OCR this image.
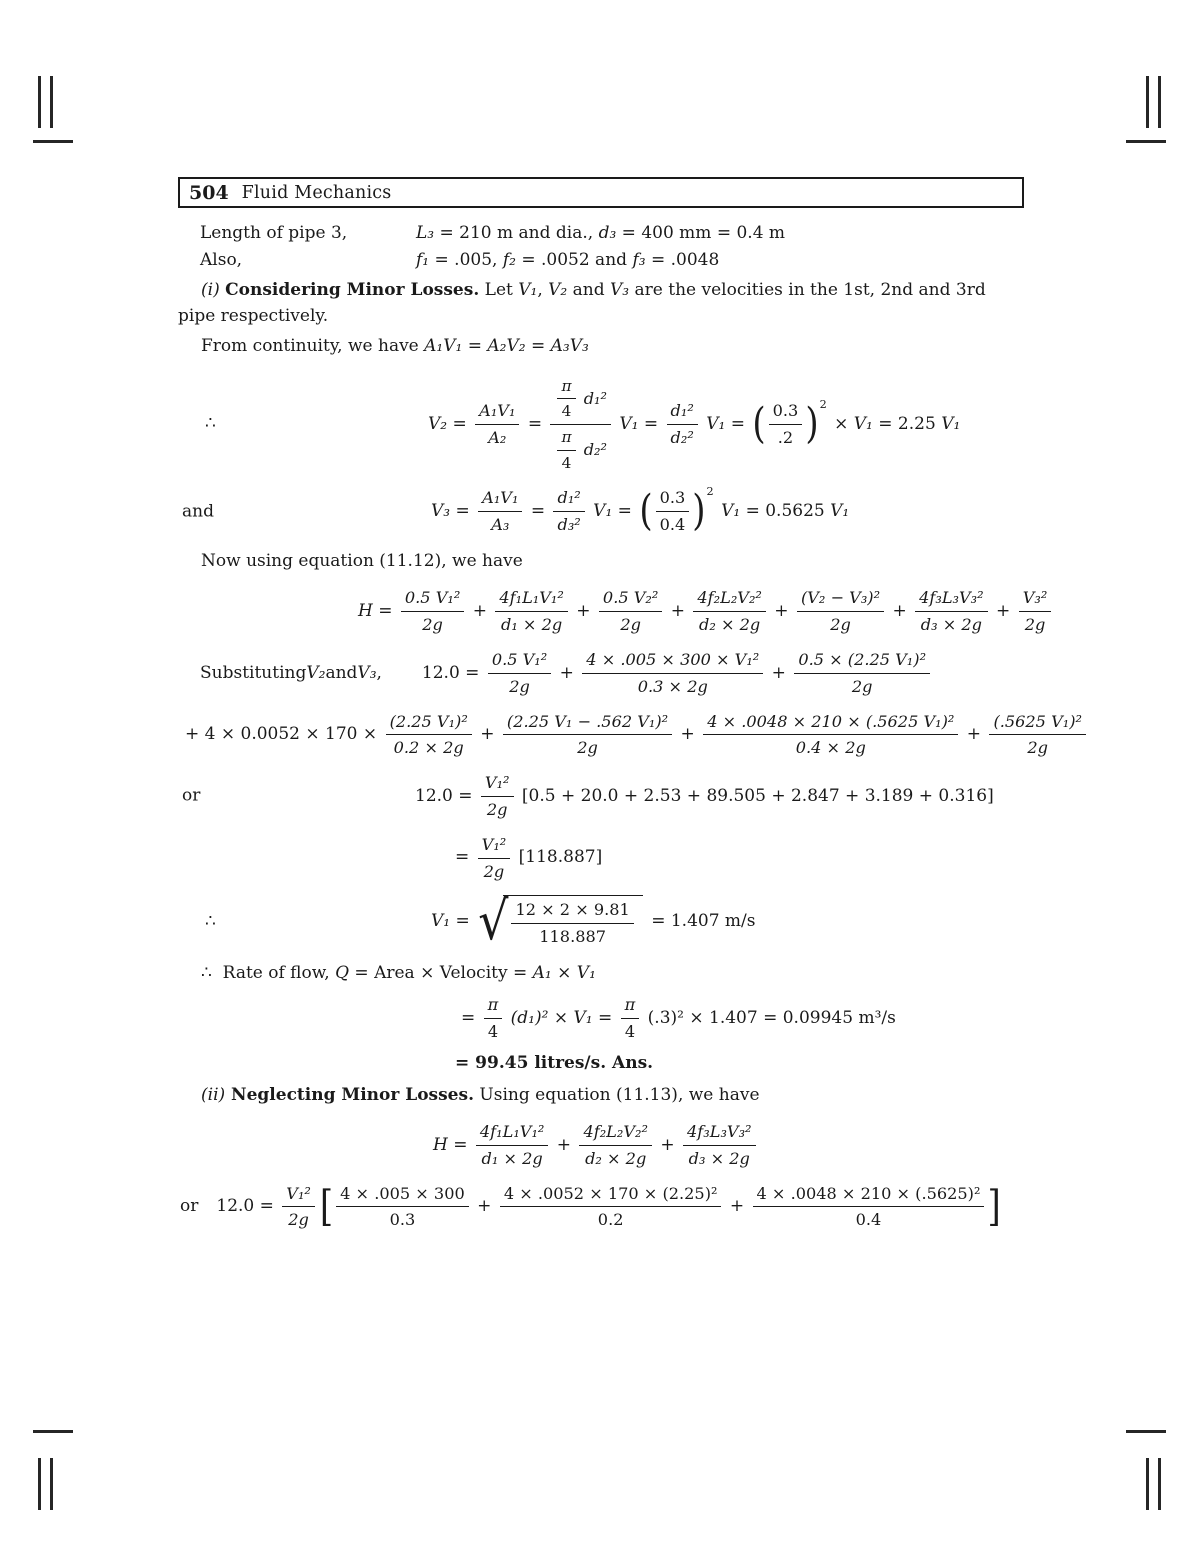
504 Fluid Mechanics
Length of pipe 3,	L₃ = 210 m and dia., d₃ = 400 mm = 0.4 m
Also,	f₁ = .005, f₂ = .0052 and f₃ = .0048
(i) Considering Minor Losses. Let V₁, V₂ and V₃ are the velocities in the 1st, 2nd and 3rd pipe respectively.
From continuity, we have A₁V₁ = A₂V₂ = A₃V₃
∴	$V_2 = \frac{\text{A₁V₁}}{\text{A₂}} = \frac{\frac{\pi}{4} d_1^2}{\frac{\pi}{4} d_2^2} V_1 = \frac{\text{d₁²}}{\text{d₂²}} V_1$ = ( $\frac{0.3}{.2}$ ) 2
× V₁ = 2.25 V₁
and	$V_3 = \frac{\text{A₁V₁}}{\text{A₃}} = \frac{\text{d₁²}}{\text{d₃²}} V_1$ = ( $\frac{0.3}{0.4}$ ) 2
V₁ = 0.5625 V₁
Now using equation (11.12), we have
$H = \frac{\text{0.5 V₁²}}{2g} + \frac{\text{4f₁L₁V₁²}}{\text{d₁ × 2g}} + \frac{\text{0.5 V₂²}}{2g} + \frac{\text{4f₂L₂V₂²}}{\text{d₂ × 2g}} + \frac{\text{(V₂ − V₃)²}}{2g} + \frac{\text{4f₃L₃V₃²}}{\text{d₃ × 2g}} + \frac{\text{V₃²}}{2g}$
Substituting V₂ and V₃ , $12.0 = \frac{\text{0.5 V₁²}}{2g} + \frac{\text{4 × .005 × 300 × V₁²}}{0.3 \times 2g} + \frac{\text{0.5 × (2.25 V₁)²}}{2g}$
+ $4 \times 0.0052 \times 170 \times \frac{\text{(2.25 V₁)²}}{0.2 \times 2g} + \frac{\text{(2.25 V₁ − .562 V₁)²}}{2g} + \frac{\text{4 × .0048 × 210 × (.5625 V₁)²}}{0.4 \times 2g} + \frac{\text{(.5625 V₁)²}}{2g}$
or	$12.0 = \frac{\text{V₁²}}{2g} [0.5 + 20.0 + 2.53 + 89.505 + 2.847 + 3.189 + 0.316]$
= $\frac{\text{V₁²}}{2g} [118.887]$
∴	V₁ = √ $\frac{12 \times 2 \times 9.81}{118.887} = 1.407$ m/s
∴  Rate of flow, Q = Area × Velocity = A₁ × V₁
= $\frac{\pi}{4} (d_1)^2 \times V_1 = \frac{\pi}{4} (.3)^2 \times 1.407 = 0.09945$ m³/s
= 99.45 litres/s. Ans.
(ii) Neglecting Minor Losses. Using equation (11.13), we have
$H = \frac{\text{4f₁L₁V₁²}}{\text{d₁ × 2g}} + \frac{\text{4f₂L₂V₂²}}{\text{d₂ × 2g}} + \frac{\text{4f₃L₃V₃²}}{\text{d₃ × 2g}}$
or $12.0 = \frac{\text{V₁²}}{2g}$ [ $\frac{4 \times .005 \times 300}{0.3} + \frac{\text{4 × .0052 × 170 × (2.25)²}}{0.2} + \frac{\text{4 × .0048 × 210 × (.5625)²}}{0.4}$ ]
